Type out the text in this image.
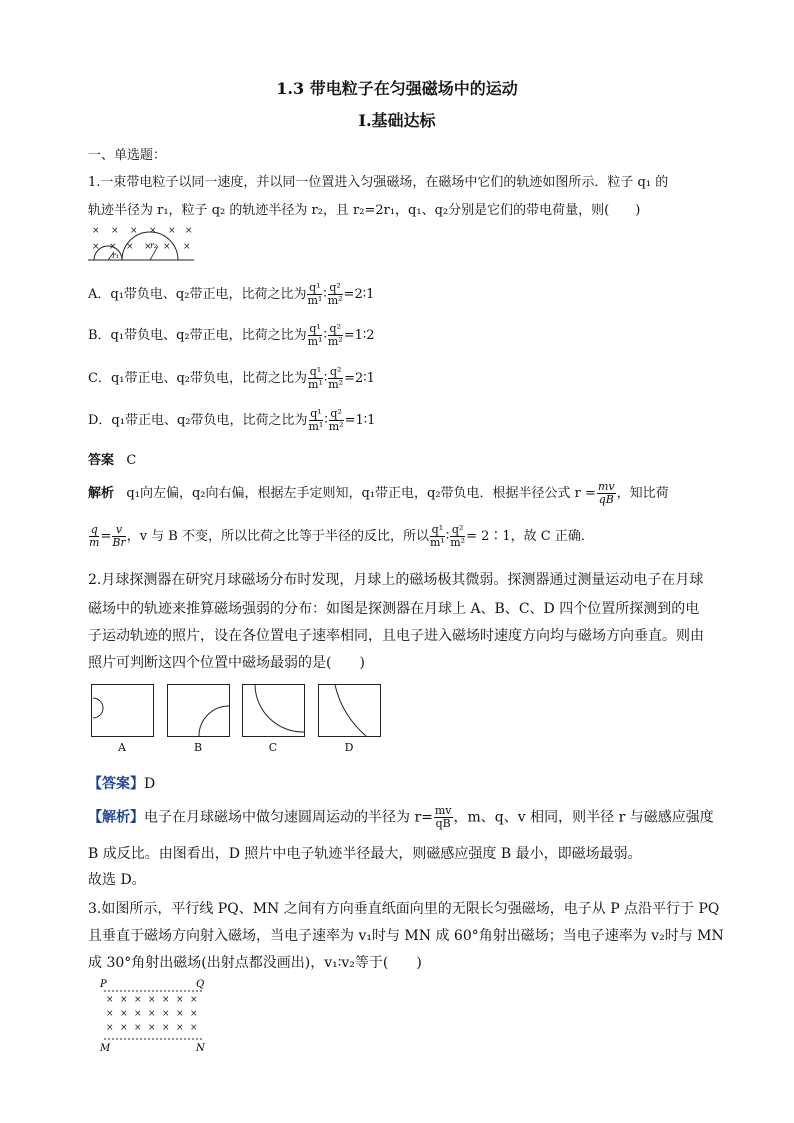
1.3 带电粒子在匀强磁场中的运动
Ⅰ.基础达标
一、单选题：
1.一束带电粒子以同一速度，并以同一位置进入匀强磁场，在磁场中它们的轨迹如图所示．粒子 q₁ 的
轨迹半径为 r₁，粒子 q₂ 的轨迹半径为 r₂，且 r₂=2r₁，q₁、q₂分别是它们的带电荷量，则(　　)
× × × × × ×
× × × × × ×
r₁
r₂
A．q₁带负电、q₂带正电，比荷之比为 $\frac{\text{q¹}}{\text{m¹}}$ ∶ $\frac{\text{q²}}{\text{m²}}$ =2∶1
B．q₁带负电、q₂带正电，比荷之比为 $\frac{\text{q¹}}{\text{m¹}}$ ∶ $\frac{\text{q²}}{\text{m²}}$ =1∶2
C．q₁带正电、q₂带负电，比荷之比为 $\frac{\text{q¹}}{\text{m¹}}$ ∶ $\frac{\text{q²}}{\text{m²}}$ =2∶1
D．q₁带正电、q₂带负电，比荷之比为 $\frac{\text{q¹}}{\text{m¹}}$ ∶ $\frac{\text{q²}}{\text{m²}}$ =1∶1
答案 C
解析 q₁向左偏，q₂向右偏，根据左手定则知，q₁带正电，q₂带负电．根据半径公式 $r = \frac{mv}{qB}$ ，知比荷
$\frac{q}{m} = \frac{v}{Br}$ ，v 与 B 不变，所以比荷之比等于半径的反比，所以 $\frac{\text{q¹}}{\text{m¹}}$ ∶ $\frac{\text{q²}}{\text{m²}}$ = 2∶1，故 C 正确．
2.月球探测器在研究月球磁场分布时发现，月球上的磁场极其微弱。探测器通过测量运动电子在月球
磁场中的轨迹来推算磁场强弱的分布：如图是探测器在月球上 A、B、C、D 四个位置所探测到的电
子运动轨迹的照片，设在各位置电子速率相同，且电子进入磁场时速度方向均与磁场方向垂直。则由
照片可判断这四个位置中磁场最弱的是(　　)
A	B	C	D
【答案】D
【解析】电子在月球磁场中做匀速圆周运动的半径为 $r= \frac{mv}{qB}$ ，m、q、v 相同，则半径 r 与磁感应强度
B 成反比。由图看出，D 照片中电子轨迹半径最大，则磁感应强度 B 最小，即磁场最弱。
故选 D。
3.如图所示，平行线 PQ、MN 之间有方向垂直纸面向里的无限长匀强磁场，电子从 P 点沿平行于 PQ
且垂直于磁场方向射入磁场，当电子速率为 v₁时与 MN 成 60°角射出磁场；当电子速率为 v₂时与 MN
成 30°角射出磁场(出射点都没画出)，v₁∶v₂等于(　　)
P	Q
× × × × × × ×
× × × × × × ×
× × × × × × ×
M	N
